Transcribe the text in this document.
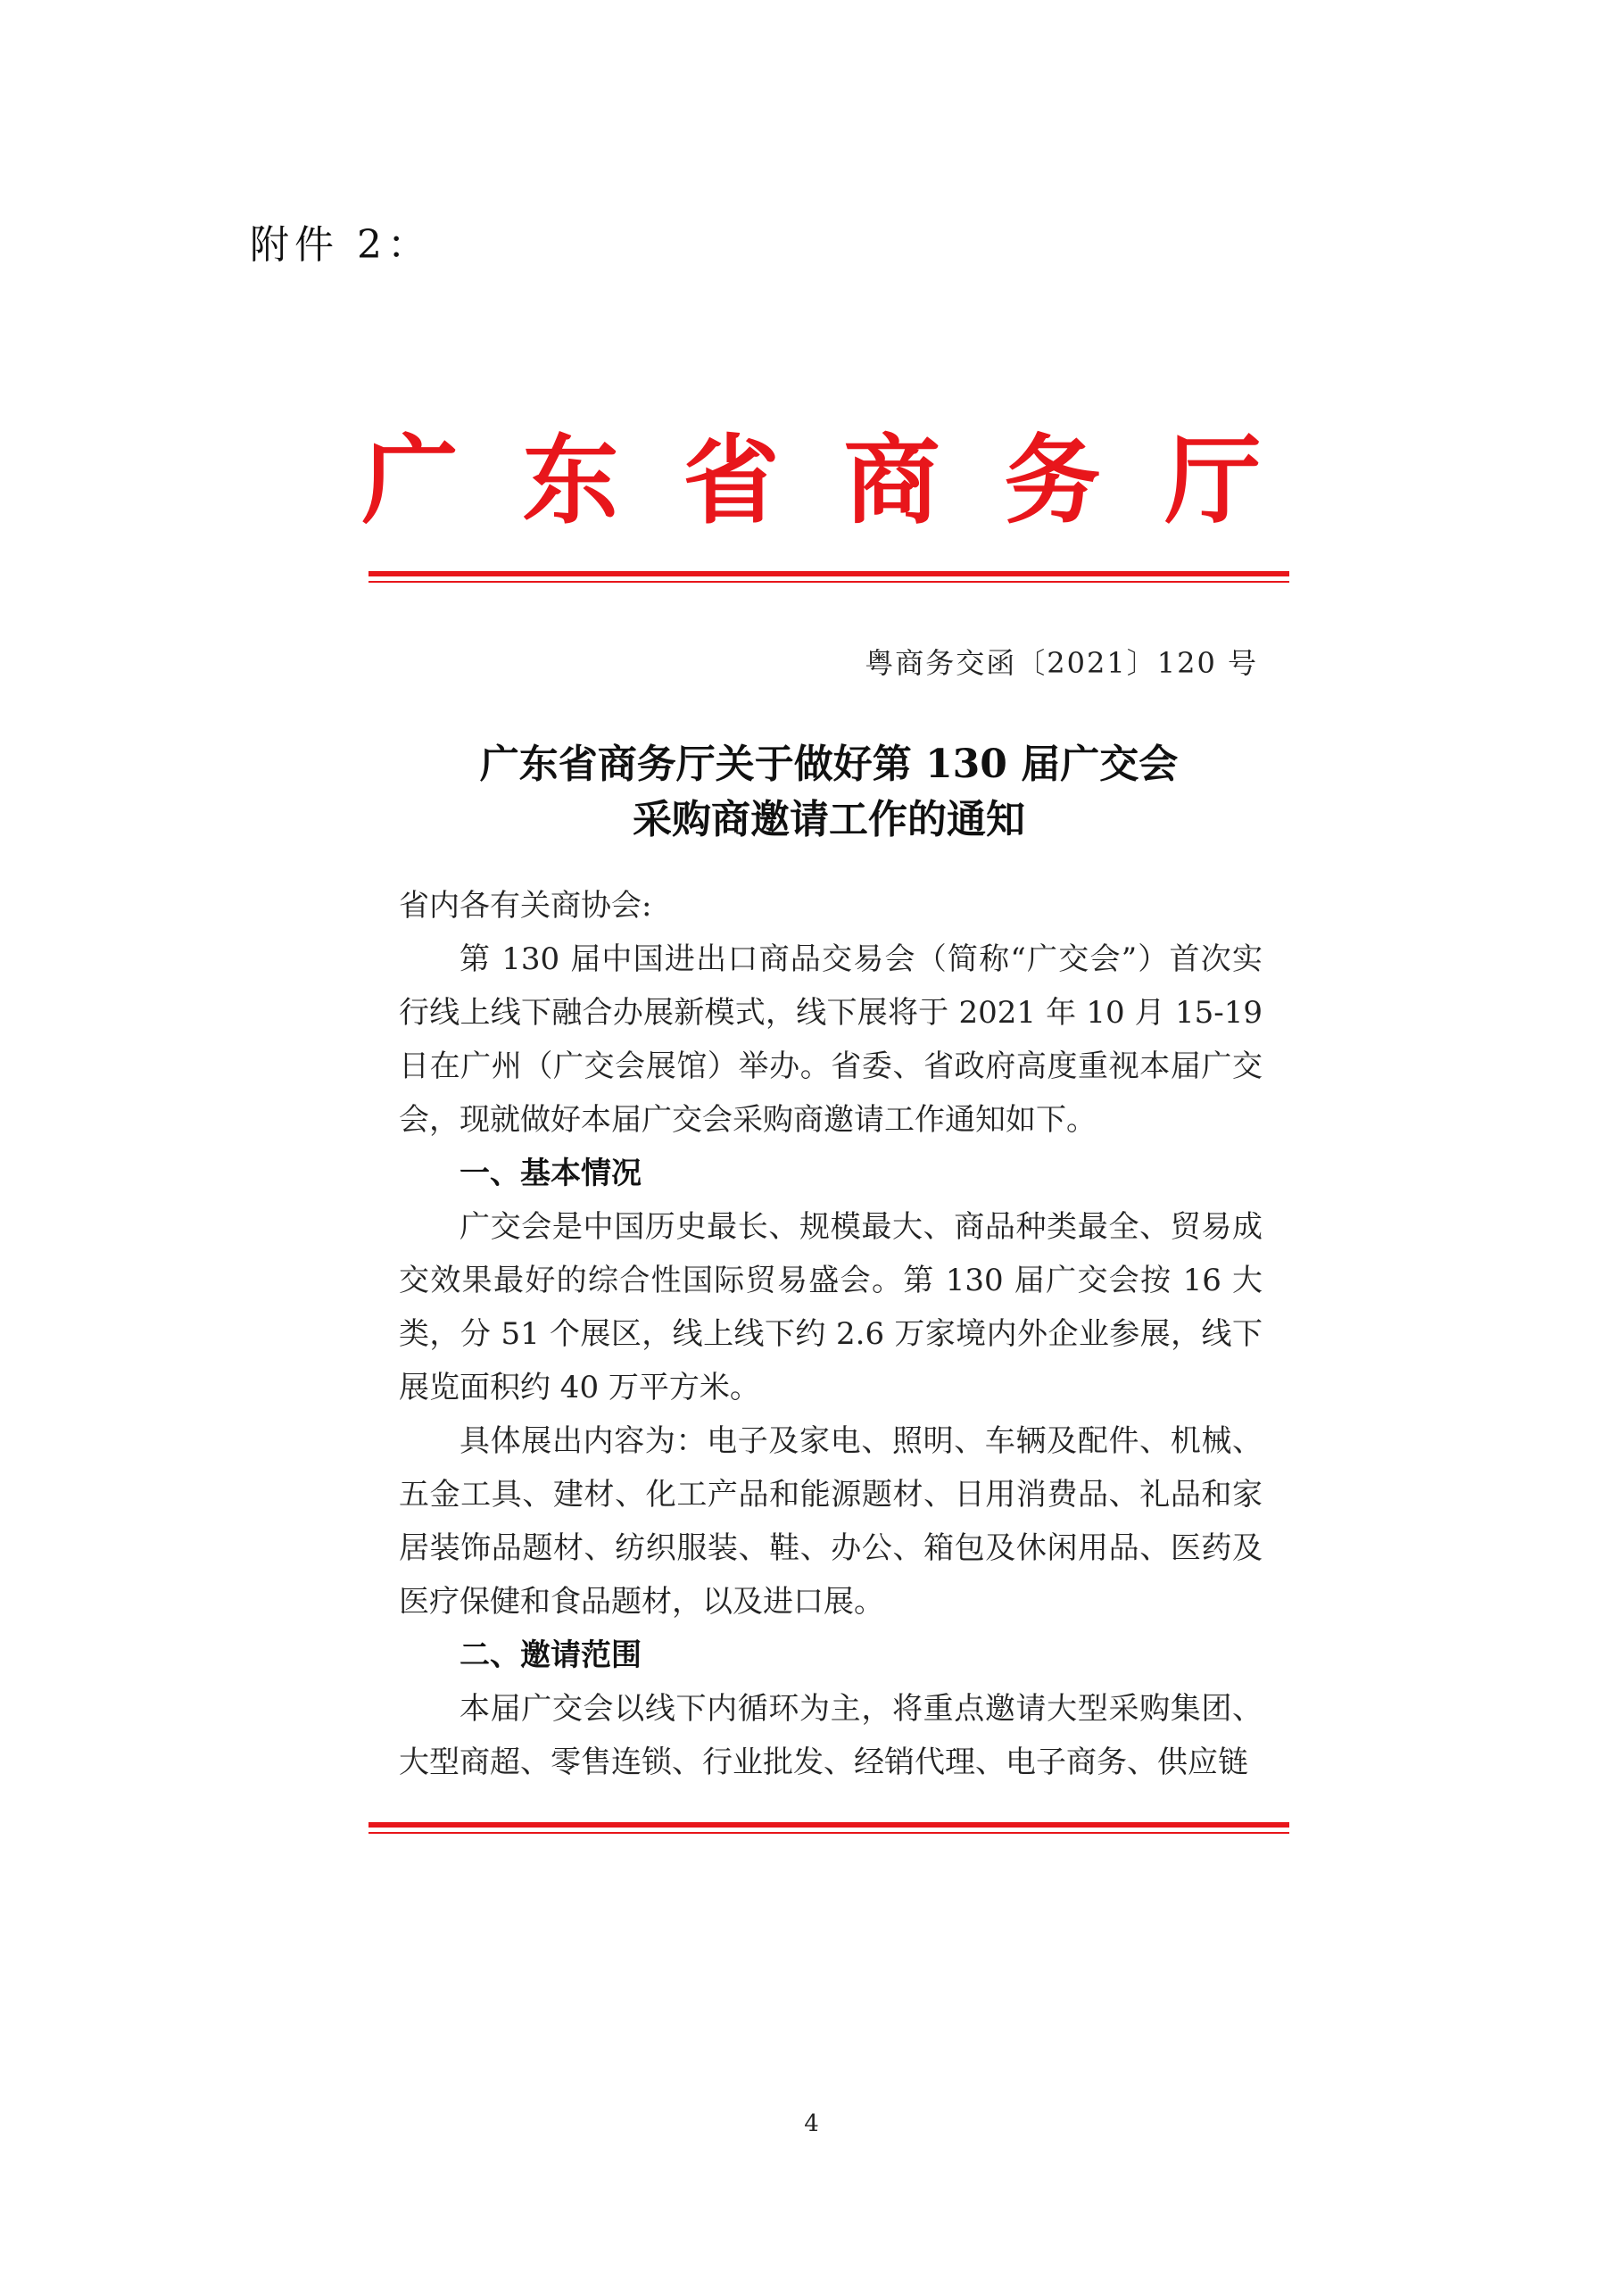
附件 2：
广东省商务厅
粤商务交函〔2021〕120 号
广东省商务厅关于做好第 130 届广交会
采购商邀请工作的通知

省内各有关商协会:

第 130 届中国进出口商品交易会（简称“广交会”）首次实行线上线下融合办展新模式，线下展将于 2021 年 10 月 15-19 日在广州（广交会展馆）举办。省委、省政府高度重视本届广交会，现就做好本届广交会采购商邀请工作通知如下。

一、基本情况

广交会是中国历史最长、规模最大、商品种类最全、贸易成交效果最好的综合性国际贸易盛会。第 130 届广交会按 16 大类，分 51 个展区，线上线下约 2.6 万家境内外企业参展，线下展览面积约 40 万平方米。

具体展出内容为：电子及家电、照明、车辆及配件、机械、五金工具、建材、化工产品和能源题材、日用消费品、礼品和家居装饰品题材、纺织服装、鞋、办公、箱包及休闲用品、医药及医疗保健和食品题材，以及进口展。

二、邀请范围

本届广交会以线下内循环为主，将重点邀请大型采购集团、大型商超、零售连锁、行业批发、经销代理、电子商务、供应链

4
